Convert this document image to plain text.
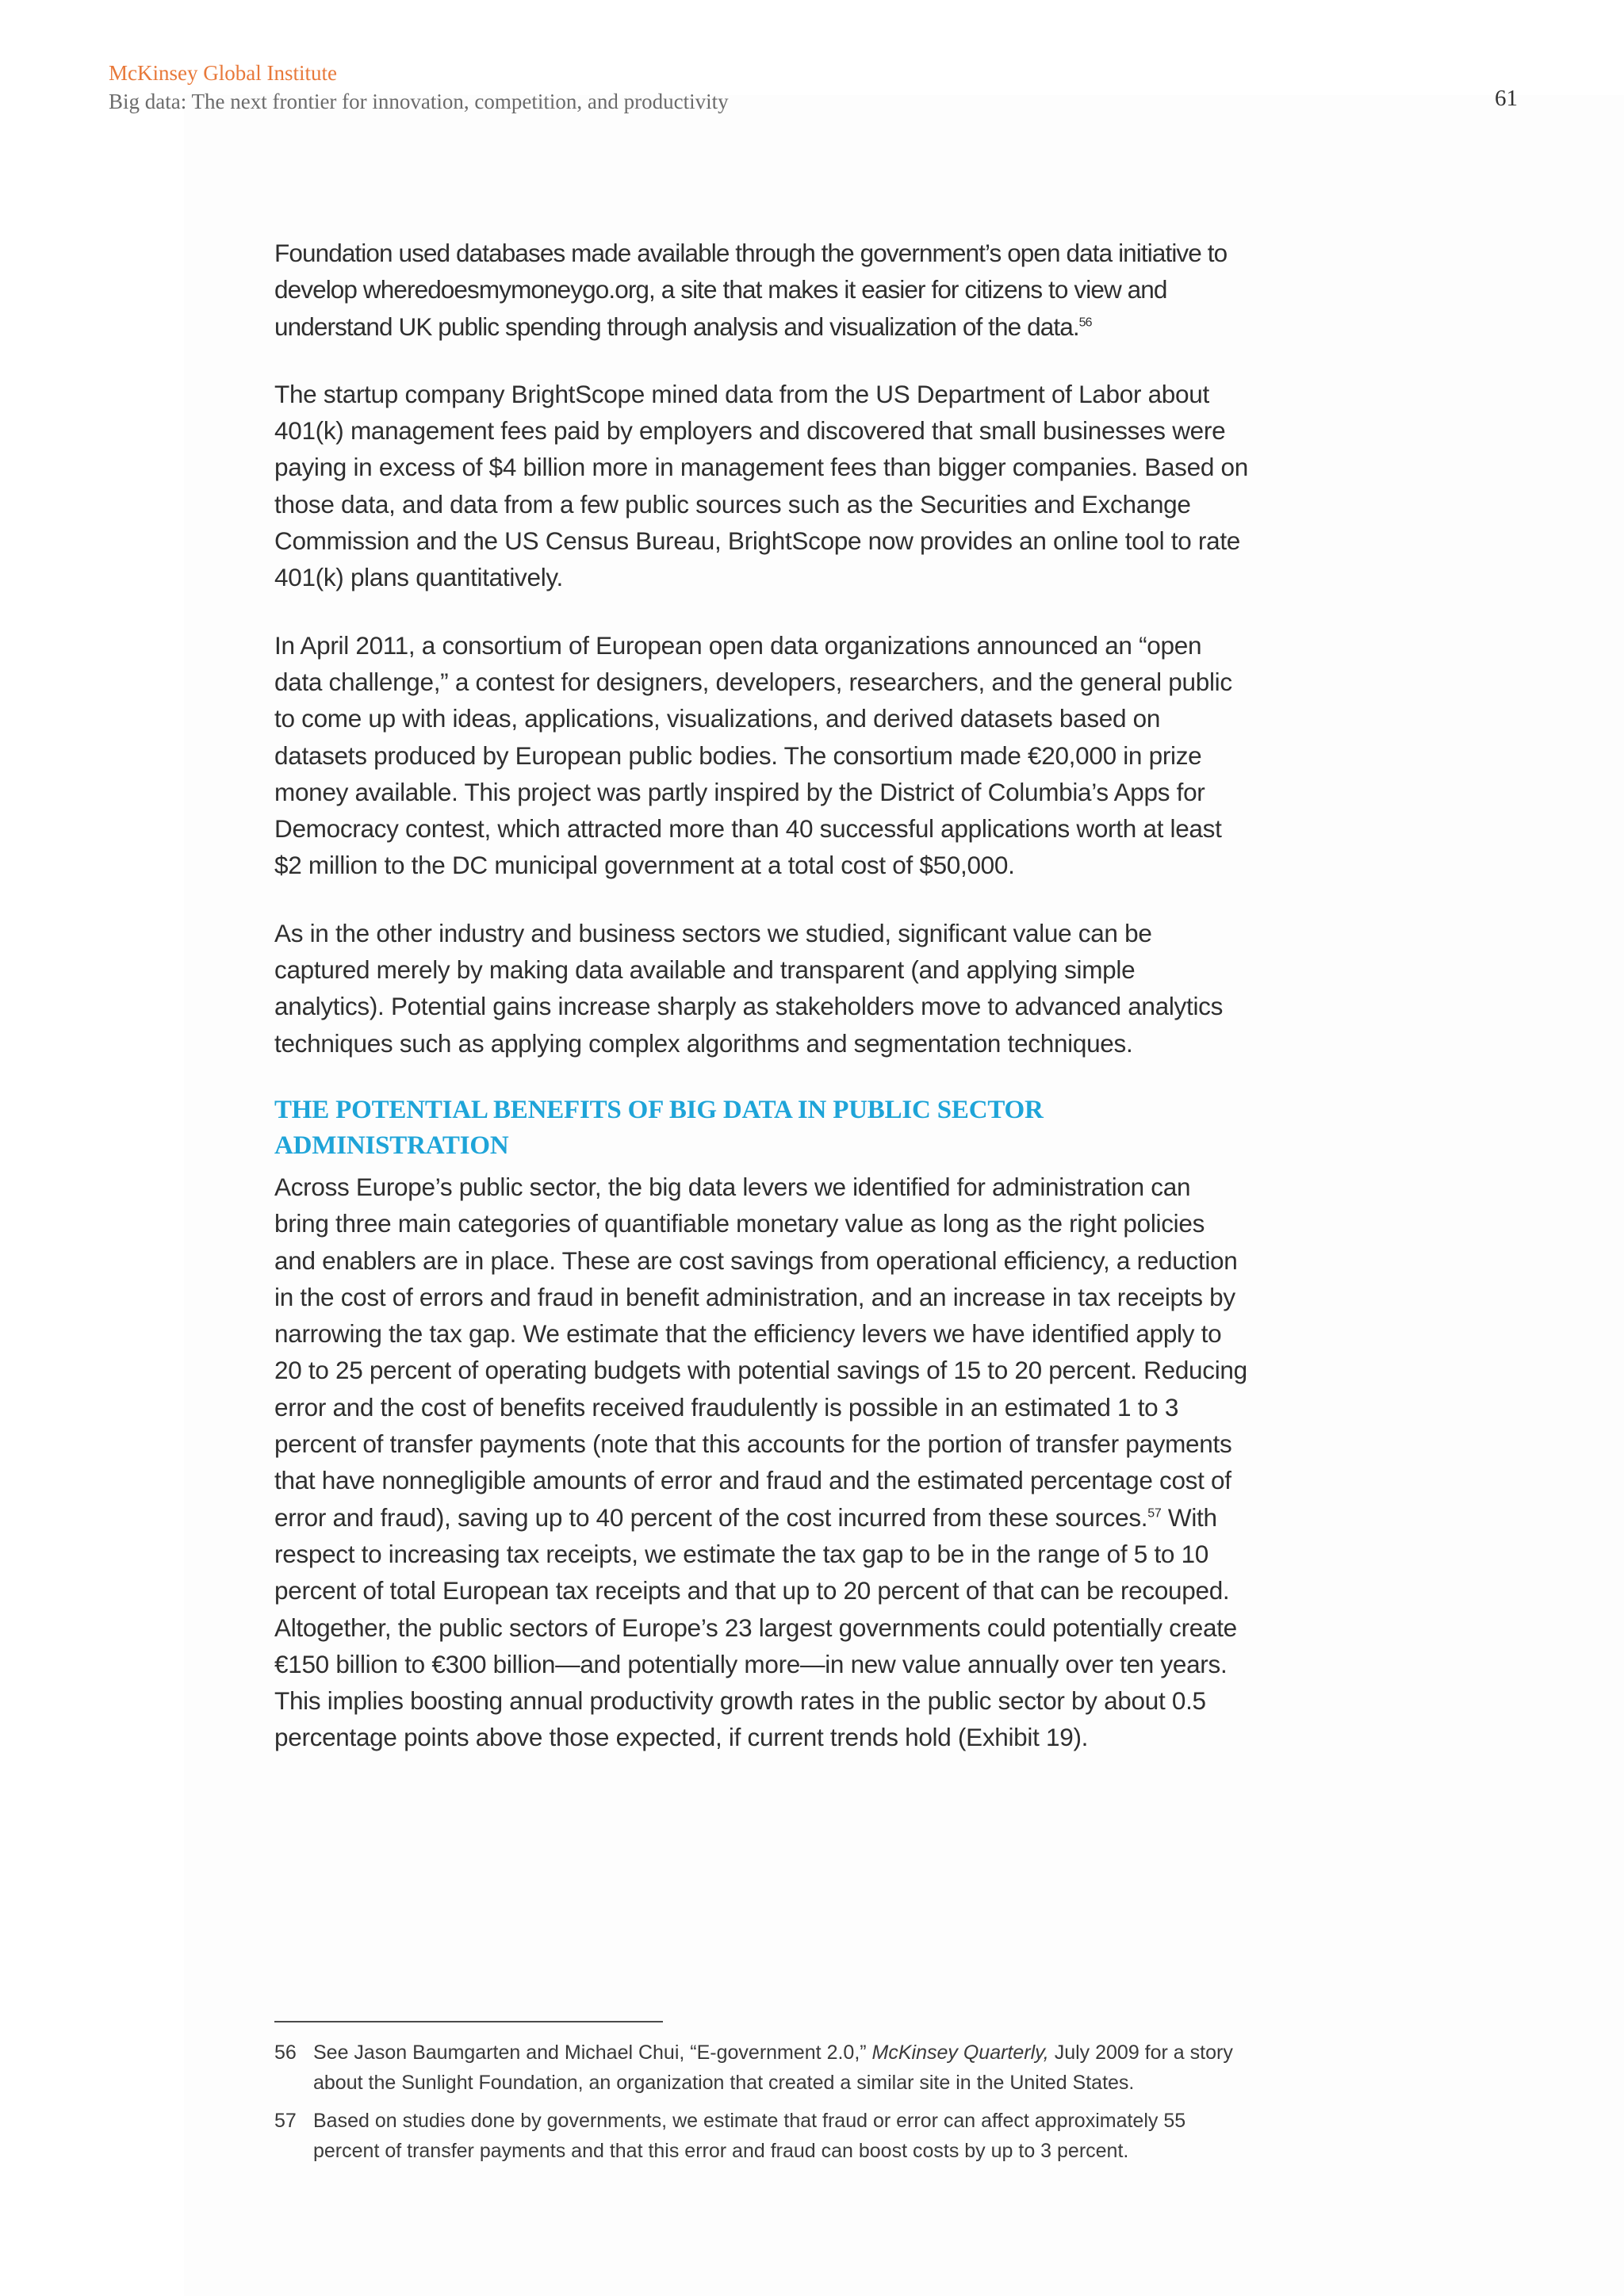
McKinsey Global Institute

Big data: The next frontier for innovation, competition, and productivity	61

Foundation used databases made available through the government’s open data initiative to develop wheredoesmymoneygo.org, a site that makes it easier for citizens to view and understand UK public spending through analysis and visualization of the data.$^{56}$

The startup company BrightScope mined data from the US Department of Labor about 401(k) management fees paid by employers and discovered that small businesses were paying in excess of $4 billion more in management fees than bigger companies. Based on those data, and data from a few public sources such as the Securities and Exchange Commission and the US Census Bureau, BrightScope now provides an online tool to rate 401(k) plans quantitatively.

In April 2011, a consortium of European open data organizations announced an “open data challenge,” a contest for designers, developers, researchers, and the general public to come up with ideas, applications, visualizations, and derived datasets based on datasets produced by European public bodies. The consortium made €20,000 in prize money available. This project was partly inspired by the District of Columbia’s Apps for Democracy contest, which attracted more than 40 successful applications worth at least $2 million to the DC municipal government at a total cost of $50,000.

As in the other industry and business sectors we studied, significant value can be captured merely by making data available and transparent (and applying simple analytics). Potential gains increase sharply as stakeholders move to advanced analytics techniques such as applying complex algorithms and segmentation techniques.

THE POTENTIAL BENEFITS OF BIG DATA IN PUBLIC SECTOR ADMINISTRATION

Across Europe’s public sector, the big data levers we identified for administration can bring three main categories of quantifiable monetary value as long as the right policies and enablers are in place. These are cost savings from operational efficiency, a reduction in the cost of errors and fraud in benefit administration, and an increase in tax receipts by narrowing the tax gap. We estimate that the efficiency levers we have identified apply to 20 to 25 percent of operating budgets with potential savings of 15 to 20 percent. Reducing error and the cost of benefits received fraudulently is possible in an estimated 1 to 3 percent of transfer payments (note that this accounts for the portion of transfer payments that have nonnegligible amounts of error and fraud and the estimated percentage cost of error and fraud), saving up to 40 percent of the cost incurred from these sources.$^{57}$ With respect to increasing tax receipts, we estimate the tax gap to be in the range of 5 to 10 percent of total European tax receipts and that up to 20 percent of that can be recouped. Altogether, the public sectors of Europe’s 23 largest governments could potentially create €150 billion to €300 billion—and potentially more—in new value annually over ten years. This implies boosting annual productivity growth rates in the public sector by about 0.5 percentage points above those expected, if current trends hold (Exhibit 19).

56 See Jason Baumgarten and Michael Chui, “E-government 2.0,” McKinsey Quarterly, July 2009 for a story about the Sunlight Foundation, an organization that created a similar site in the United States.
57 Based on studies done by governments, we estimate that fraud or error can affect approximately 55 percent of transfer payments and that this error and fraud can boost costs by up to 3 percent.
